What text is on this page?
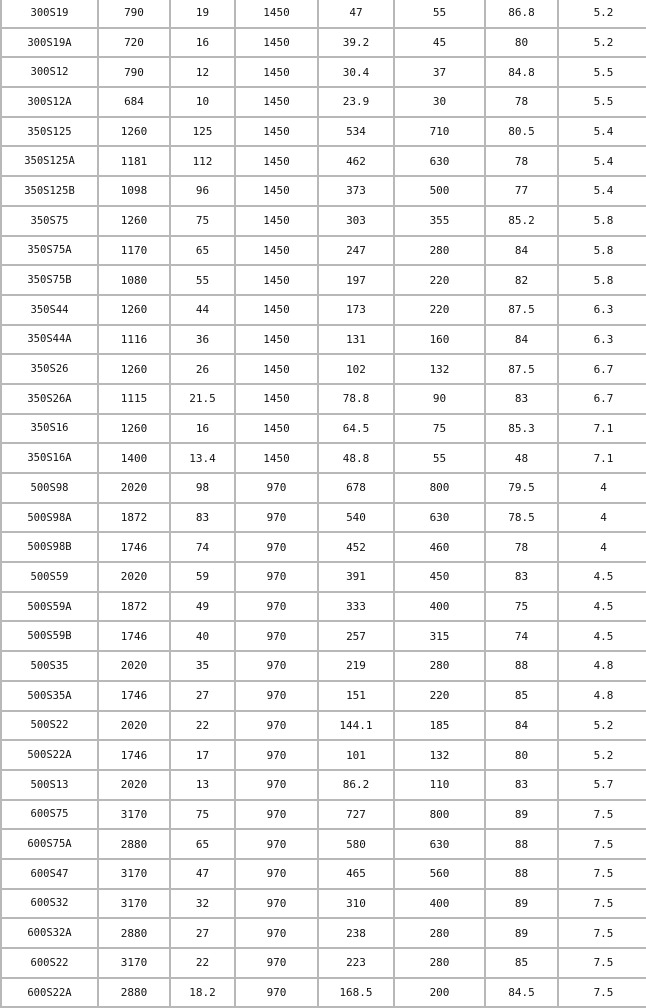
300S19	790	19	1450	47	55	86.8	5.2
300S19A	720	16	1450	39.2	45	80	5.2
300S12	790	12	1450	30.4	37	84.8	5.5
300S12A	684	10	1450	23.9	30	78	5.5
350S125	1260	125	1450	534	710	80.5	5.4
350S125A	1181	112	1450	462	630	78	5.4
350S125B	1098	96	1450	373	500	77	5.4
350S75	1260	75	1450	303	355	85.2	5.8
350S75A	1170	65	1450	247	280	84	5.8
350S75B	1080	55	1450	197	220	82	5.8
350S44	1260	44	1450	173	220	87.5	6.3
350S44A	1116	36	1450	131	160	84	6.3
350S26	1260	26	1450	102	132	87.5	6.7
350S26A	1115	21.5	1450	78.8	90	83	6.7
350S16	1260	16	1450	64.5	75	85.3	7.1
350S16A	1400	13.4	1450	48.8	55	48	7.1
500S98	2020	98	970	678	800	79.5	4
500S98A	1872	83	970	540	630	78.5	4
500S98B	1746	74	970	452	460	78	4
500S59	2020	59	970	391	450	83	4.5
500S59A	1872	49	970	333	400	75	4.5
500S59B	1746	40	970	257	315	74	4.5
500S35	2020	35	970	219	280	88	4.8
500S35A	1746	27	970	151	220	85	4.8
500S22	2020	22	970	144.1	185	84	5.2
500S22A	1746	17	970	101	132	80	5.2
500S13	2020	13	970	86.2	110	83	5.7
600S75	3170	75	970	727	800	89	7.5
600S75A	2880	65	970	580	630	88	7.5
600S47	3170	47	970	465	560	88	7.5
600S32	3170	32	970	310	400	89	7.5
600S32A	2880	27	970	238	280	89	7.5
600S22	3170	22	970	223	280	85	7.5
600S22A	2880	18.2	970	168.5	200	84.5	7.5
